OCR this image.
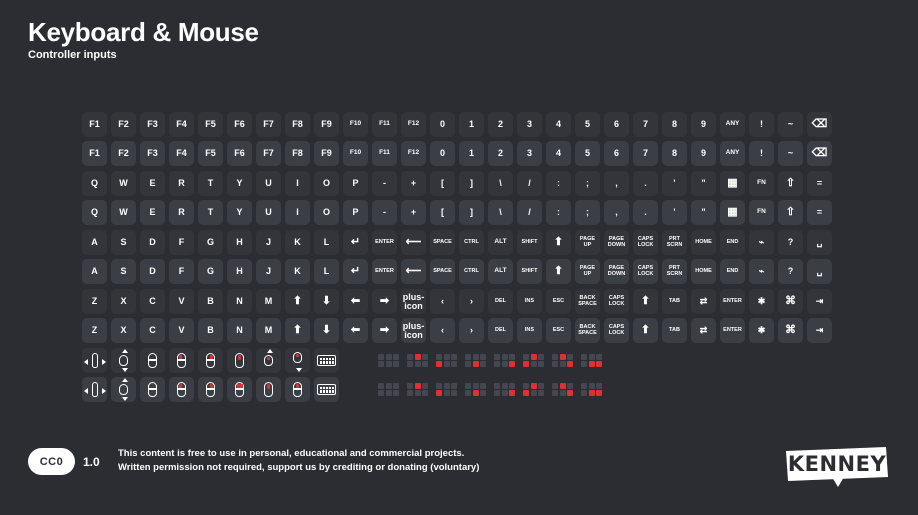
Keyboard & Mouse

Controller inputs

F1 F2 F3 F4 F5 F6 F7 F8 F9	F10	F11	F12 0	1	2	3	4	5	6	7	8	9	ANY !	~ ⌫
F1 F2 F3 F4 F5 F6 F7 F8 F9	F10	F11	F12 0	1	2	3	4	5	6	7	8	9	ANY !	~ ⌫
Q W E	R	T	Y	U	I	O P	-	+	[	]	\	/	:	;	,	.	'	" ▦	FN ⇧ =
Q W E	R	T	Y	U	I	O P	-	+	[	]	\	/	:	;	,	.	'	" ▦	FN ⇧ =
A	S	D	F	G H	J	K	L ↵	ENTER ⟵ SPACE CTRL ALT	SHIFT ⬆	PAGE
UP
PAGE
DOWN
CAPS
LOCK
PRT
SCRN HOME	END ⌁	?	␣
A	S	D	F	G H	J	K	L ↵	ENTER ⟵ SPACE CTRL ALT	SHIFT ⬆	PAGE
UP
PAGE
DOWN
CAPS
LOCK
PRT
SCRN HOME	END ⌁	?	␣
Z	X	C	V	B	N M ⬆ ⬇ ⬅ ➡ plus-icon	‹	›	DEL	INS	ESC	BACK
SPACE
CAPS
LOCK ⬆	TAB ⇄	ENTER ✱ ⌘ ⇥
Z	X	C	V	B	N M ⬆ ⬇ ⬅ ➡ plus-icon	‹	›	DEL	INS	ESC	BACK
SPACE
CAPS
LOCK ⬆	TAB ⇄	ENTER ✱ ⌘ ⇥
CC0	1.0
This content is free to use in personal, educational and commercial projects.
Written permission not required, support us by crediting or donating (voluntary)	KENNEY
